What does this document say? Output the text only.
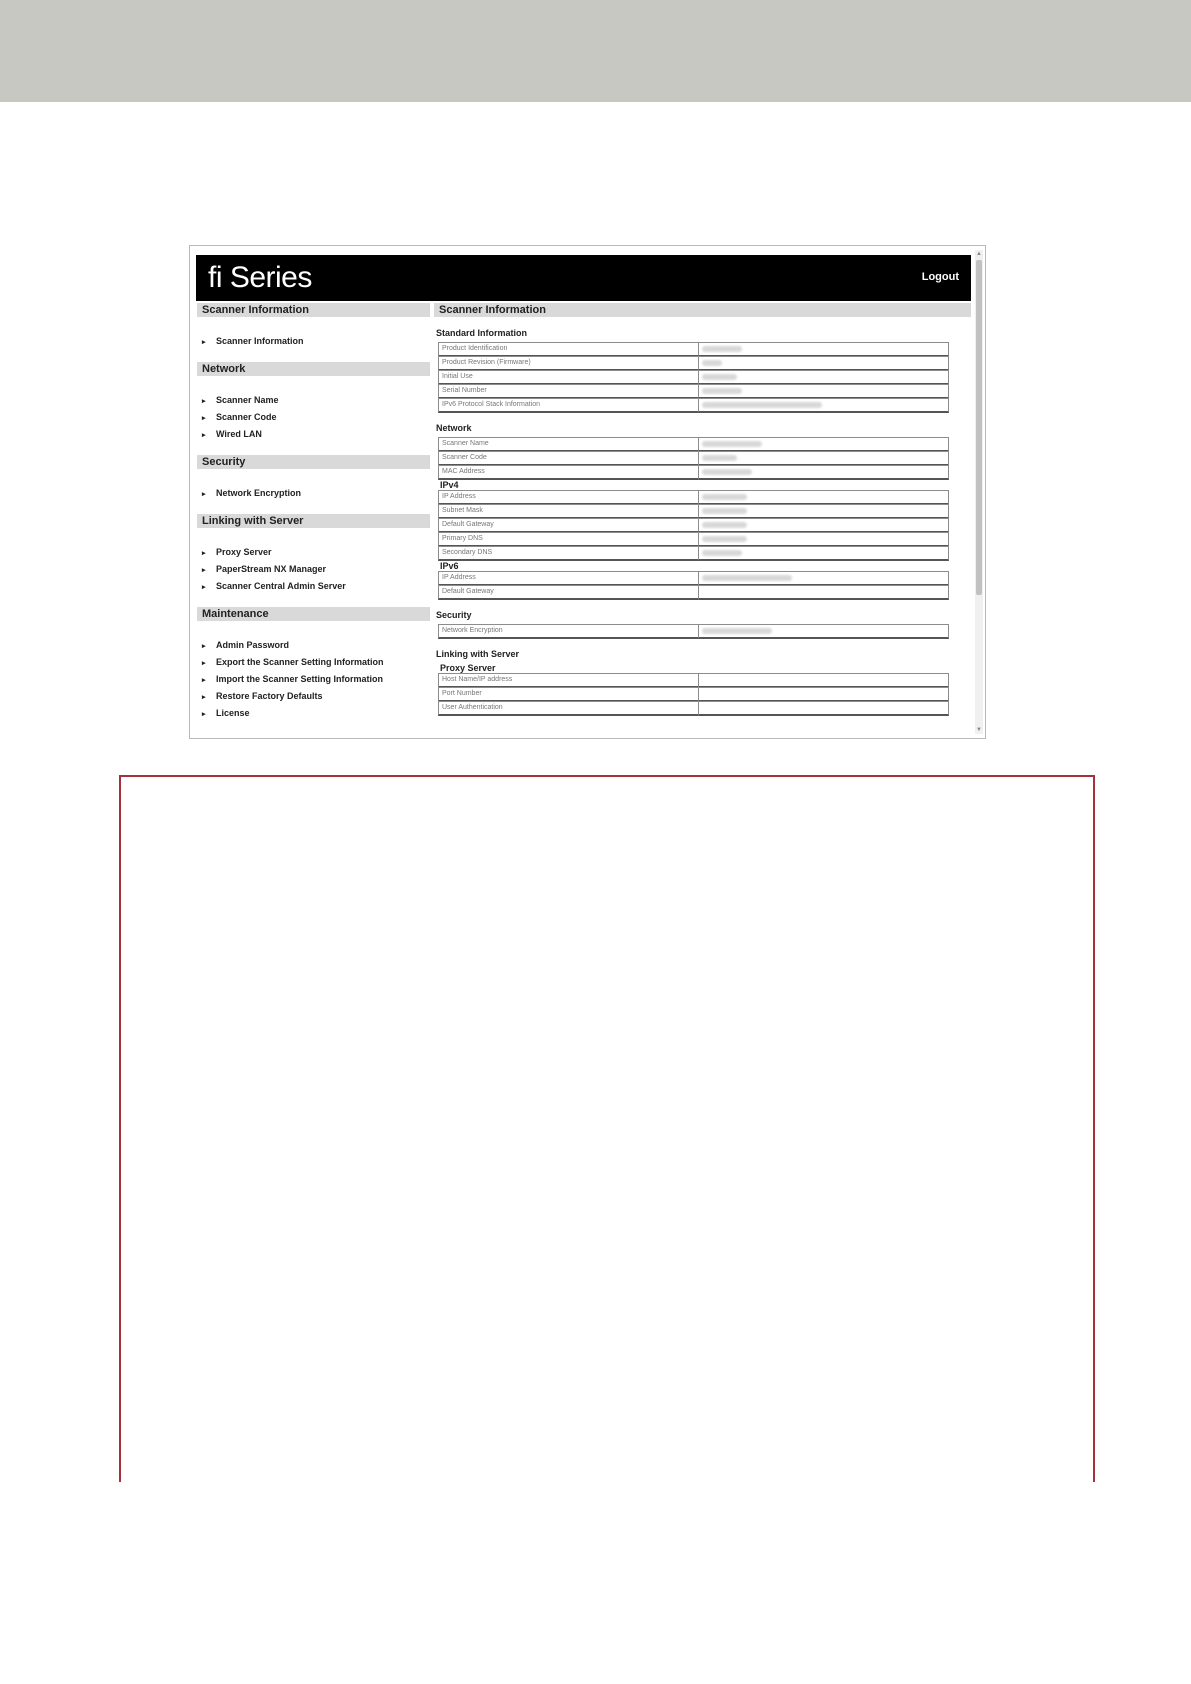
fi Series	Logout
Scanner Information
▸ Scanner Information
Network
▸ Scanner Name
▸ Scanner Code
▸ Wired LAN
Security
▸ Network Encryption
Linking with Server
▸ Proxy Server
▸ PaperStream NX Manager
▸ Scanner Central Admin Server
Maintenance
▸ Admin Password
▸ Export the Scanner Setting Information
▸ Import the Scanner Setting Information
▸ Restore Factory Defaults
▸ License
Scanner Information
Standard Information
Product Identification
Product Revision (Firmware)
Initial Use
Serial Number
IPv6 Protocol Stack Information
Network
Scanner Name
Scanner Code
MAC Address
IPv4
IP Address
Subnet Mask
Default Gateway
Primary DNS
Secondary DNS
IPv6
IP Address
Default Gateway
Security
Network Encryption
Linking with Server
Proxy Server
Host Name/IP address
Port Number
User Authentication
▲
▼
